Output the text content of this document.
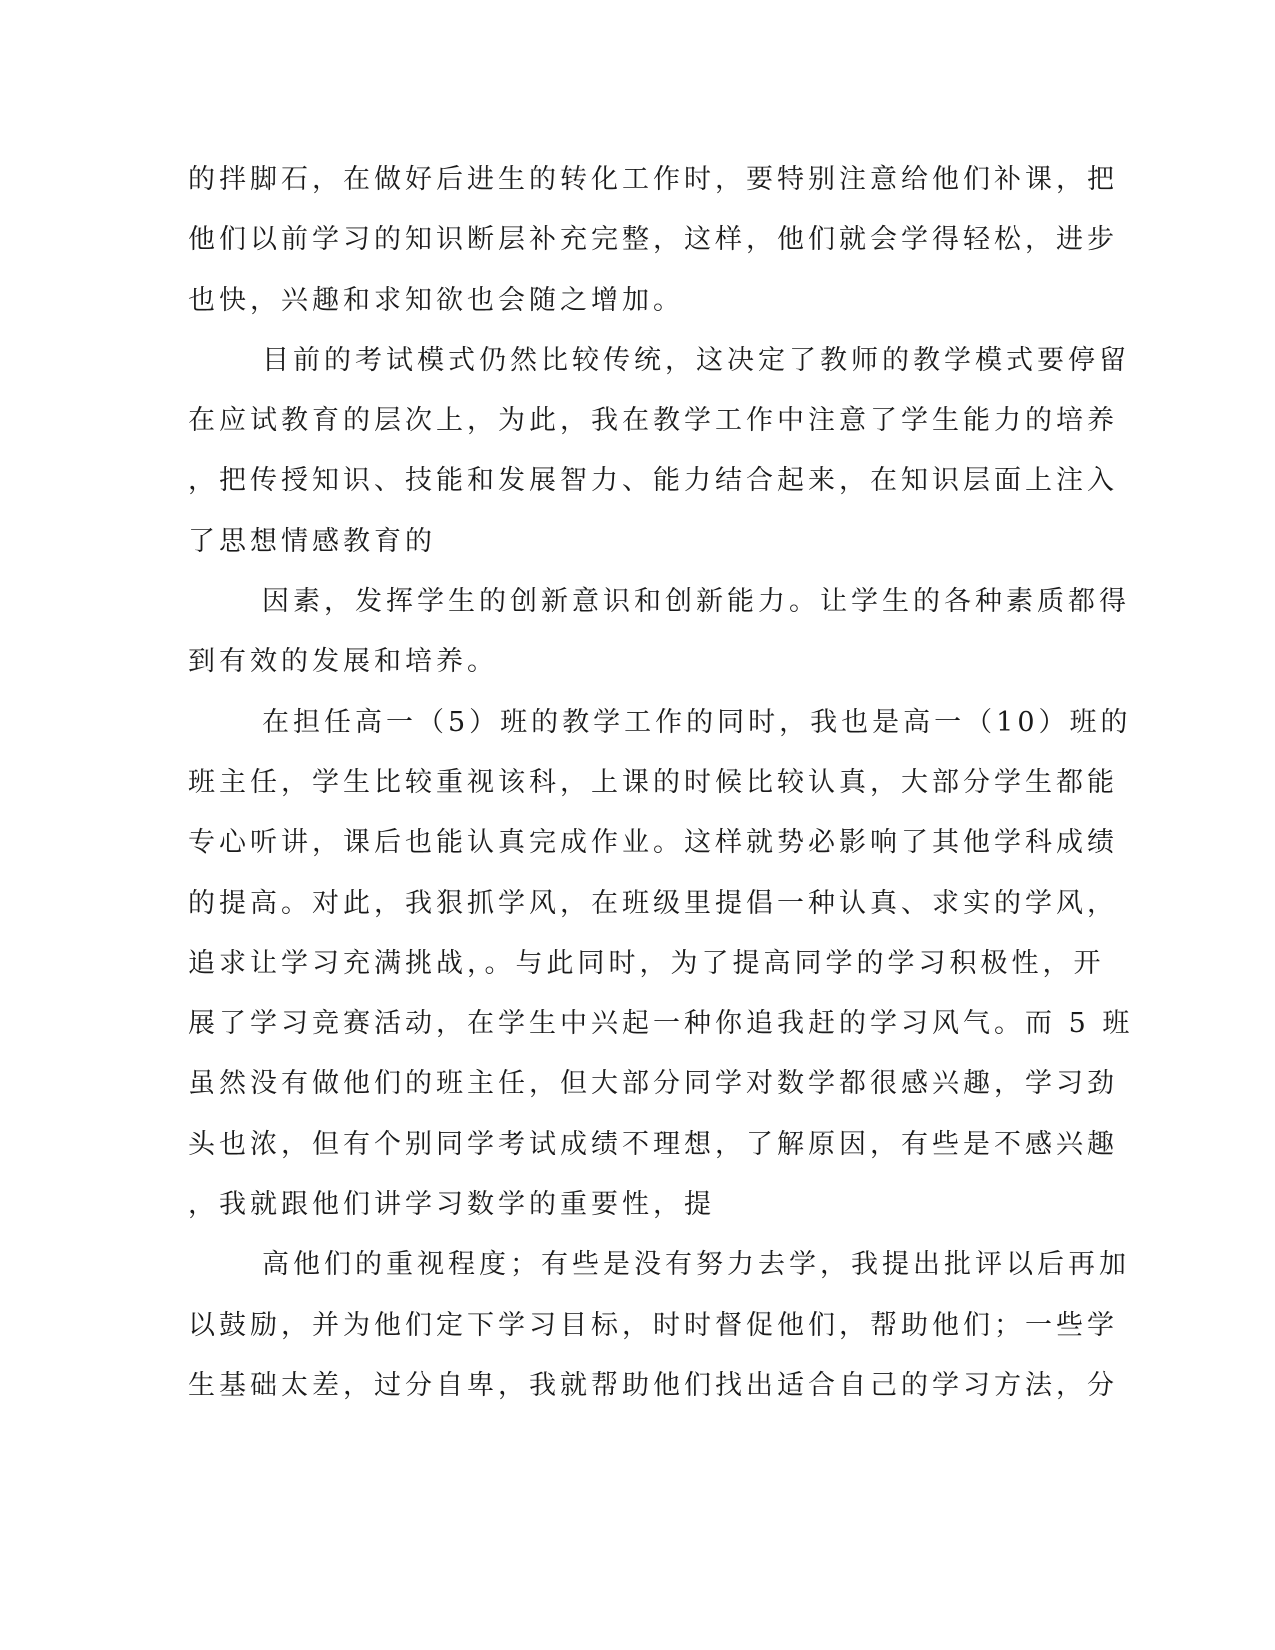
的拌脚石，在做好后进生的转化工作时，要特别注意给他们补课，把
他们以前学习的知识断层补充完整，这样，他们就会学得轻松，进步
也快，兴趣和求知欲也会随之增加。
目前的考试模式仍然比较传统，这决定了教师的教学模式要停留
在应试教育的层次上，为此，我在教学工作中注意了学生能力的培养
，把传授知识、技能和发展智力、能力结合起来，在知识层面上注入
了思想情感教育的
因素，发挥学生的创新意识和创新能力。让学生的各种素质都得
到有效的发展和培养。
在担任高一（5）班的教学工作的同时，我也是高一（10）班的
班主任，学生比较重视该科，上课的时候比较认真，大部分学生都能
专心听讲，课后也能认真完成作业。这样就势必影响了其他学科成绩
的提高。对此，我狠抓学风，在班级里提倡一种认真、求实的学风，
追求让学习充满挑战，。与此同时，为了提高同学的学习积极性，开
展了学习竞赛活动，在学生中兴起一种你追我赶的学习风气。而 5 班
虽然没有做他们的班主任，但大部分同学对数学都很感兴趣，学习劲
头也浓，但有个别同学考试成绩不理想，了解原因，有些是不感兴趣
，我就跟他们讲学习数学的重要性，提
高他们的重视程度；有些是没有努力去学，我提出批评以后再加
以鼓励，并为他们定下学习目标，时时督促他们，帮助他们；一些学
生基础太差，过分自卑，我就帮助他们找出适合自己的学习方法，分
